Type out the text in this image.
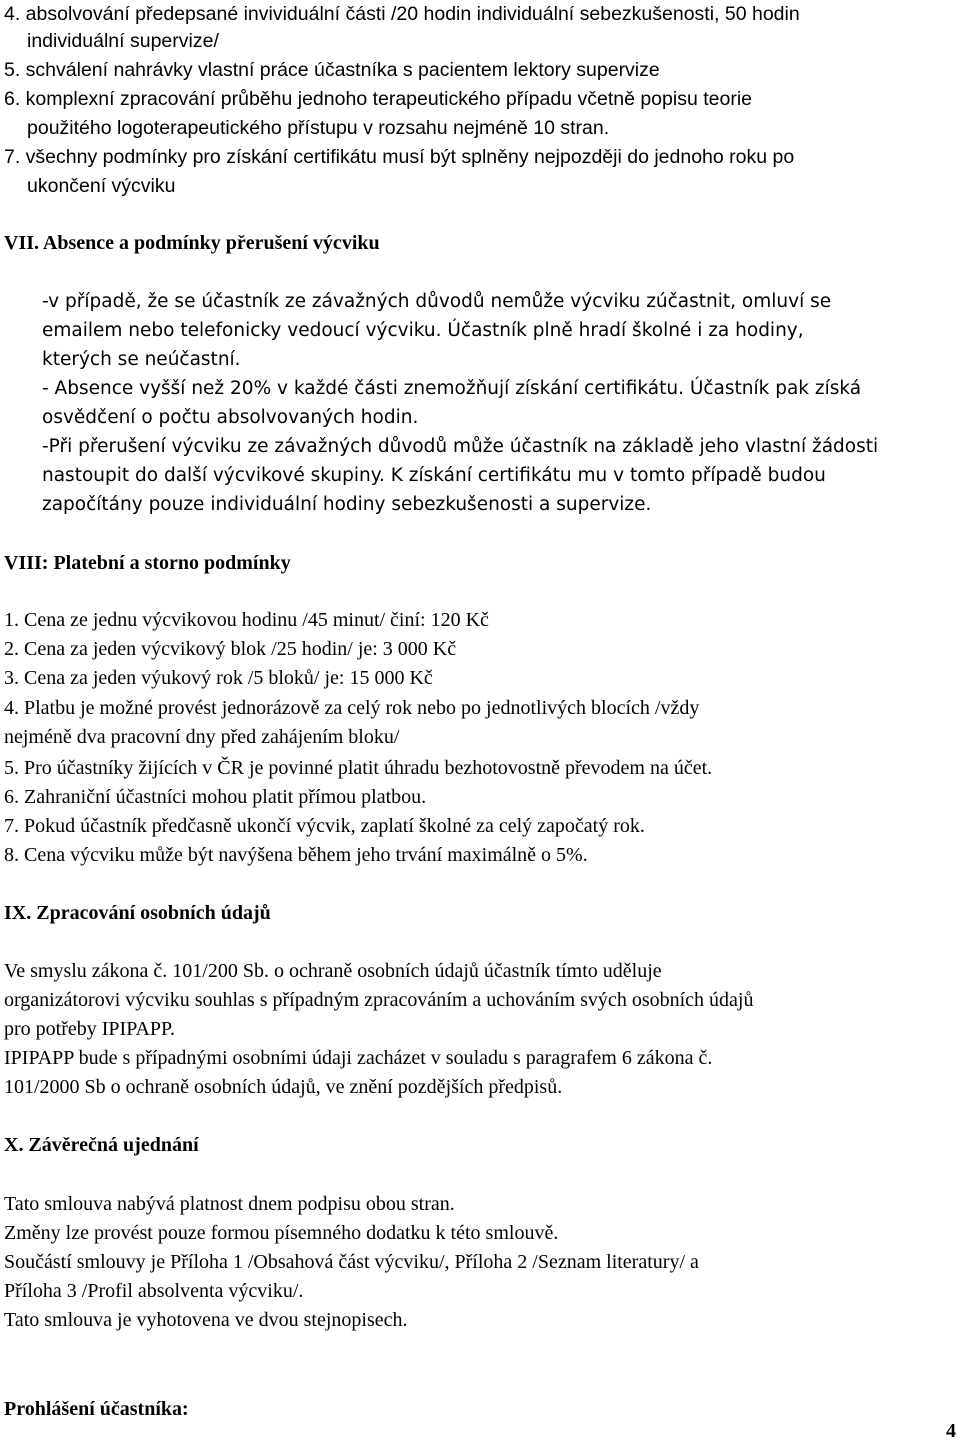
4. absolvování předepsané invividuální části /20 hodin individuální sebezkušenosti, 50 hodin
individuální supervize/
5. schválení nahrávky vlastní práce účastníka s pacientem lektory supervize
6. komplexní zpracování průběhu jednoho terapeutického případu včetně popisu teorie
použitého logoterapeutického přístupu v rozsahu nejméně 10 stran.
7. všechny podmínky pro získání certifikátu musí být splněny nejpozději do jednoho roku po
ukončení výcviku
VII. Absence a podmínky přerušení výcviku
-v případě, že se účastník ze závažných důvodů nemůže výcviku zúčastnit, omluví se
emailem nebo telefonicky vedoucí výcviku. Účastník plně hradí školné i za hodiny,
kterých se neúčastní.
- Absence vyšší než 20% v každé části znemožňují získání certifikátu. Účastník pak získá
osvědčení o počtu absolvovaných hodin.
-Při přerušení výcviku ze závažných důvodů může účastník na základě jeho vlastní žádosti
nastoupit do další výcvikové skupiny. K získání certifikátu mu v tomto případě budou
započítány pouze individuální hodiny sebezkušenosti a supervize.
VIII: Platební a storno podmínky
1. Cena ze jednu výcvikovou hodinu /45 minut/ činí: 120 Kč
2. Cena za jeden výcvikový blok /25 hodin/ je: 3 000 Kč
3. Cena za jeden výukový rok /5 bloků/ je: 15 000 Kč
4. Platbu je možné provést jednorázově za celý rok nebo po jednotlivých blocích /vždy
nejméně dva pracovní dny před zahájením bloku/
5. Pro účastníky žijících v ČR je povinné platit úhradu bezhotovostně převodem na účet.
6. Zahraniční účastníci mohou platit přímou platbou.
7. Pokud účastník předčasně ukončí výcvik, zaplatí školné za celý započatý rok.
8. Cena výcviku může být navýšena během jeho trvání maximálně o 5%.
IX. Zpracování osobních údajů
Ve smyslu zákona č. 101/200 Sb. o ochraně osobních údajů účastník tímto uděluje
organizátorovi výcviku souhlas s případným zpracováním a uchováním svých osobních údajů
pro potřeby IPIPAPP.
IPIPAPP bude s případnými osobními údaji zacházet v souladu s paragrafem 6 zákona č.
101/2000 Sb o ochraně osobních údajů, ve znění pozdějších předpisů.
X. Závěrečná ujednání
Tato smlouva nabývá platnost dnem podpisu obou stran.
Změny lze provést pouze formou písemného dodatku k této smlouvě.
Součástí smlouvy je Příloha 1 /Obsahová část výcviku/, Příloha 2 /Seznam literatury/ a
Příloha 3 /Profil absolventa výcviku/.
Tato smlouva je vyhotovena ve dvou stejnopisech.
Prohlášení účastníka:
4
